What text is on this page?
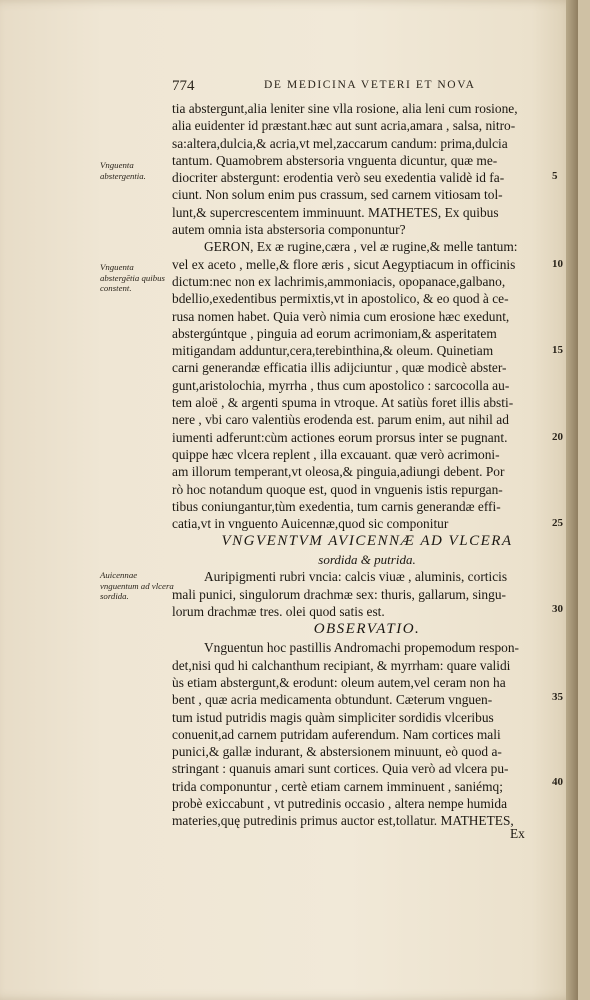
774	DE MEDICINA VETERI ET NOVA
tia abstergunt,alia leniter sine vlla rosione, alia leni cum rosione,
alia euidenter id præstant.hæc aut sunt acria,amara , salsa, nitro-
sa:altera,dulcia,& acria,vt mel,zaccarum candum: prima,dulcia
tantum. Quamobrem abstersoria vnguenta dicuntur, quæ me-
diocriter abstergunt: erodentia verò seu exedentia validè id fa-
ciunt. Non solum enim pus crassum, sed carnem vitiosam tol-
lunt,& supercrescentem imminuunt. MATHETES, Ex quibus
autem omnia ista abstersoria componuntur?
GERON, Ex æ rugine,cæra , vel æ rugine,& melle tantum:
vel ex aceto , melle,& flore æris , sicut Aegyptiacum in officinis
dictum:nec non ex lachrimis,ammoniacis, opopanace,galbano,
bdellio,exedentibus permixtis,vt in apostolico, & eo quod à ce-
rusa nomen habet. Quia verò nimia cum erosione hæc exedunt,
abstergúntque , pinguia ad eorum acrimoniam,& asperitatem
mitigandam adduntur,cera,terebinthina,& oleum. Quinetiam
carni generandæ efficatia illis adijciuntur , quæ modicè abster-
gunt,aristolochia, myrrha , thus cum apostolico : sarcocolla au-
tem aloë , & argenti spuma in vtroque. At satiùs foret illis absti-
nere , vbi caro valentiùs erodenda est. parum enim, aut nihil ad
iumenti adferunt:cùm actiones eorum prorsus inter se pugnant.
quippe hæc vlcera replent , illa excauant. quæ verò acrimoni-
am illorum temperant,vt oleosa,& pinguia,adiungi debent. Por
rò hoc notandum quoque est, quod in vnguenis istis repurgan-
tibus coniungantur,tùm exedentia, tum carnis generandæ effi-
catia,vt in vnguento Auicennæ,quod sic componitur
VNGVENTVM AVICENNÆ AD VLCERA
sordida & putrida.
Auripigmenti rubri vncia: calcis viuæ , aluminis, corticis
mali punici, singulorum drachmæ sex: thuris, gallarum, singu-
lorum drachmæ tres. olei quod satis est.
OBSERVATIO.
Vnguentun hoc pastillis Andromachi propemodum respon-
det,nisi qud hi calchanthum recipiant, & myrrham: quare validi
ùs etiam abstergunt,& erodunt: oleum autem,vel ceram non ha
bent , quæ acria medicamenta obtundunt. Cæterum vnguen-
tum istud putridis magis quàm simpliciter sordidis vlceribus
conuenit,ad carnem putridam auferendum. Nam cortices mali
punici,& gallæ indurant, & abstersionem minuunt, eò quod a-
stringant : quanuis amari sunt cortices. Quia verò ad vlcera pu-
trida componuntur , certè etiam carnem imminuent , saniémq;
probè exiccabunt , vt putredinis occasio , altera nempe humida
materies,quę putredinis primus auctor est,tollatur. MATHETES,
Vnguenta abstergentia.
Vnguenta abstergētia quibus constent.
Auicennae vnguentum ad vlcera sordida.
5
10
15
20
25
30
35
40
Ex
